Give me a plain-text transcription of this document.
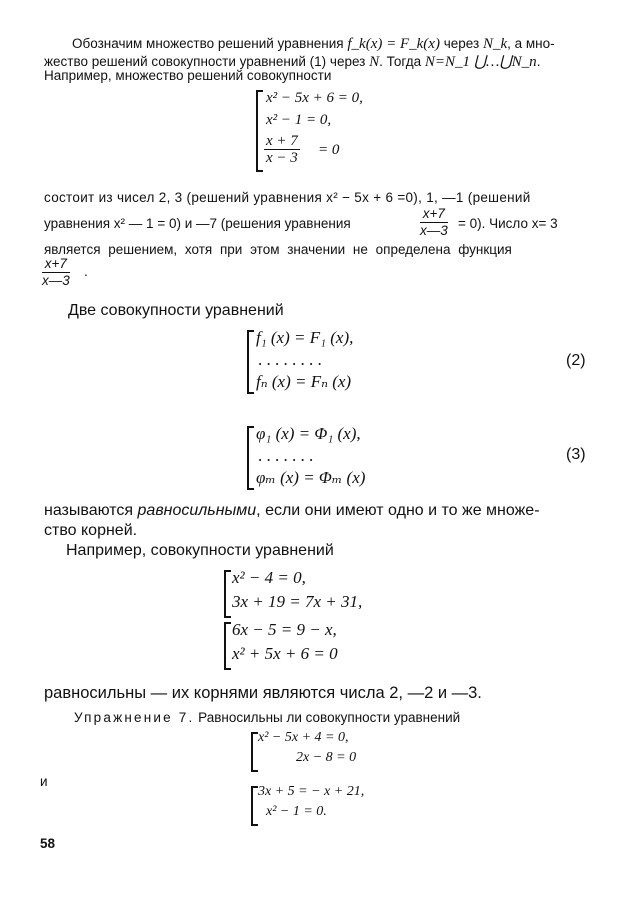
Обозначим множество решений уравнения f_k(x) = F_k(x) через N_k, а мно-
жество решений совокупности уравнений (1) через N. Тогда N=N_1 ⋃…⋃N_n.
Например, множество решений совокупности
x² − 5x + 6 = 0,
x² − 1 = 0,
$\frac{x + 7}{x - 3} = 0$
состоит из чисел 2, 3 (решений уравнения x² − 5x + 6 =0), 1, —1 (решений
уравнения x² — 1 = 0) и —7 (решения уравнения	$\frac{x+7}{x—3} = 0$). Число x= 3
является решением, хотя при этом значении не определена функция
$\frac{x+7}{x—3}$ .
Две совокупности уравнений
f₁ (x) = F₁ (x),
. . . . . . . .
fₙ (x) = Fₙ (x)
(2)
φ₁ (x) = Φ₁ (x),
. . . . . . .
φₘ (x) = Φₘ (x)
(3)
называются равносильными, если они имеют одно и то же множе-
ство корней.
Например, совокупности уравнений
x² − 4 = 0,
3x + 19 = 7x + 31,
6x − 5 = 9 − x,
x² + 5x + 6 = 0
равносильны — их корнями являются числа 2, —2 и —3.
Упражнение 7. Равносильны ли совокупности уравнений
x² − 5x + 4 = 0,
2x − 8 = 0
и
3x + 5 = − x + 21,
x² − 1 = 0.
58
